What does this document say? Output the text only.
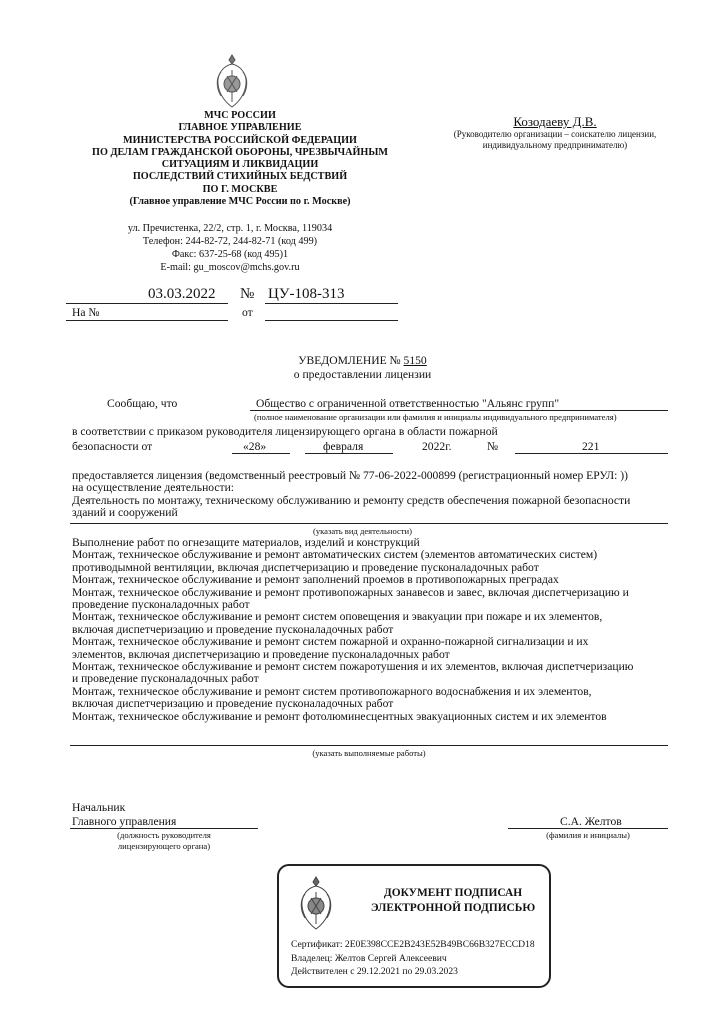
МЧС РОССИИ
ГЛАВНОЕ УПРАВЛЕНИЕ
МИНИСТЕРСТВА РОССИЙСКОЙ ФЕДЕРАЦИИ
ПО ДЕЛАМ ГРАЖДАНСКОЙ ОБОРОНЫ, ЧРЕЗВЫЧАЙНЫМ
СИТУАЦИЯМ И ЛИКВИДАЦИИ
ПОСЛЕДСТВИЙ СТИХИЙНЫХ БЕДСТВИЙ
ПО Г. МОСКВЕ
(Главное управление МЧС России по г. Москве)
ул. Пречистенка, 22/2, стр. 1, г. Москва, 119034
Телефон: 244-82-72, 244-82-71 (код 499)
Факс: 637-25-68 (код 495)1
E-mail: gu_moscov@mchs.gov.ru
Козодаеву Д.В.
(Руководителю организации – соискателю лицензии,
индивидуальному предпринимателю)
03.03.2022 № ЦУ-108-313
На №	от
УВЕДОМЛЕНИЕ № 5150
о предоставлении лицензии
Сообщаю, что	Общество с ограниченной ответственностью "Альянс групп"
(полное наименование организации или фамилия и инициалы индивидуального предпринимателя)
в соответствии с приказом руководителя лицензирующего органа в области пожарной
безопасности от	«28»	февраля	2022г.	№	221
предоставляется лицензия (ведомственный реестровый № 77-06-2022-000899 (регистрационный номер ЕРУЛ: ))
на осуществление деятельности:
Деятельность по монтажу, техническому обслуживанию и ремонту средств обеспечения пожарной безопасности
зданий и сооружений
(указать вид деятельности)
Выполнение работ по огнезащите материалов, изделий и конструкций
Монтаж, техническое обслуживание и ремонт автоматических систем (элементов автоматических систем)
противодымной вентиляции, включая диспетчеризацию и проведение пусконаладочных работ
Монтаж, техническое обслуживание и ремонт заполнений проемов в противопожарных преградах
Монтаж, техническое обслуживание и ремонт противопожарных занавесов и завес, включая диспетчеризацию и
проведение пусконаладочных работ
Монтаж, техническое обслуживание и ремонт систем оповещения и эвакуации при пожаре и их элементов,
включая диспетчеризацию и проведение пусконаладочных работ
Монтаж, техническое обслуживание и ремонт систем пожарной и охранно-пожарной сигнализации и их
элементов, включая диспетчеризацию и проведение пусконаладочных работ
Монтаж, техническое обслуживание и ремонт систем пожаротушения и их элементов, включая диспетчеризацию
и проведение пусконаладочных работ
Монтаж, техническое обслуживание и ремонт систем противопожарного водоснабжения и их элементов,
включая диспетчеризацию и проведение пусконаладочных работ
Монтаж, техническое обслуживание и ремонт фотолюминесцентных эвакуационных систем и их элементов
(указать выполняемые работы)
Начальник
Главного управления
(должность руководителя
лицензирующего органа)
С.А. Желтов
(фамилия и инициалы)
ДОКУМЕНТ ПОДПИСАН
ЭЛЕКТРОННОЙ ПОДПИСЬЮ
Сертификат: 2E0E398CCE2B243E52B49BC66B327ECCD18
Владелец: Желтов Сергей Алексеевич
Действителен с 29.12.2021 по 29.03.2023
